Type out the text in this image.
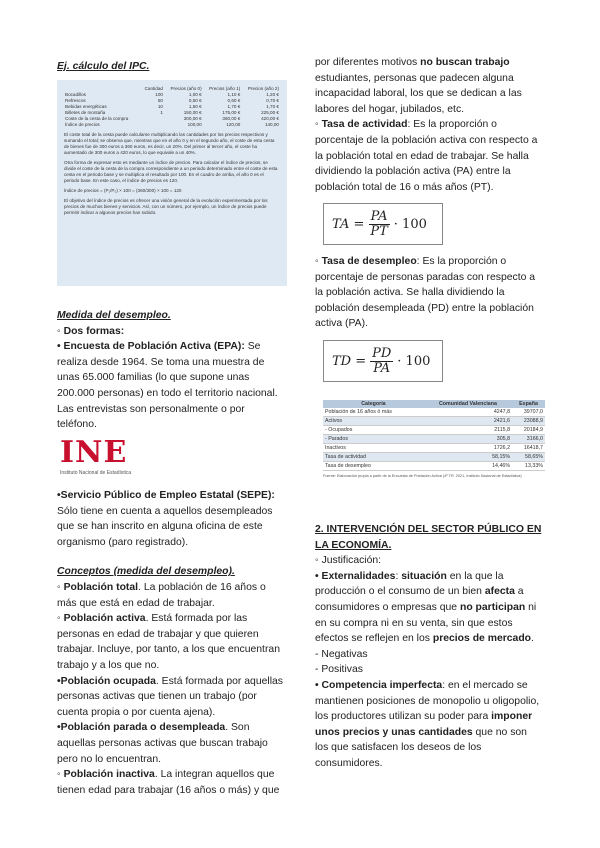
Ej. cálculo del IPC.

	Cantidad	Precios (año 0)	Precios (año 1)	Precios (año 2)
Bocadillos	100	1,00 €	1,10 €	1,20 €
Refrescos	50	0,50 €	0,60 €	0,70 €
Bebidas energéticas	10	1,50 €	1,70 €	1,70 €
Billetes de montaña	1	150,00 €	175,00 €	225,00 €
Coste de la cesta de la compra		300,00 €	360,00 €	420,00 €
Índice de precios		100,00	120,00	140,00
El coste total de la cesta puede calcularse multiplicando las cantidades por los precios respectivos y sumando el total; se observa que, mientras que en el año 0 y en el segundo año, el coste de esta cesta de bienes fue de 300 euros a 360 euros, es decir, un 20%. Del primer al tercer año, el coste ha aumentado de 300 euros a 420 euros, lo que equivale a un 40%.
Otra forma de expresar esto es mediante un índice de precios. Para calcular el índice de precios, se divide el coste de la cesta de la compra correspondiente a un periodo determinado entre el coste de esta cesta en el periodo base y se multiplica el resultado por 100. En el cuadro de arriba, el año 0 es el periodo base. En este caso, el índice de precios es 120.
Índice de precios = (P₁/P₀) × 100 = (360/300) × 100 = 120
El objetivo del índice de precios es ofrecer una visión general de la evolución experimentada por los precios de muchos bienes y servicios. Así, con un número, por ejemplo, un índice de precios puede permitir indicar a algunos precios han subido.

Medida del desempleo.

◦ Dos formas:

• Encuesta de Población Activa (EPA): Se realiza desde 1964. Se toma una muestra de unas 65.000 familias (lo que supone unas 200.000 personas) en todo el territorio nacional. Las entrevistas son personalmente o por teléfono.

INE
Instituto Nacional de Estadística

•Servicio Público de Empleo Estatal (SEPE): Sólo tiene en cuenta a aquellos desempleados que se han inscrito en alguna oficina de este organismo (paro registrado).

Conceptos (medida del desempleo).

◦ Población total. La población de 16 años o más que está en edad de trabajar.

◦ Población activa. Está formada por las personas en edad de trabajar y que quieren trabajar. Incluye, por tanto, a los que encuentran trabajo y a los que no.

•Población ocupada. Está formada por aquellas personas activas que tienen un trabajo (por cuenta propia o por cuenta ajena).

•Población parada o desempleada. Son aquellas personas activas que buscan trabajo pero no lo encuentran.

◦ Población inactiva. La integran aquellos que tienen edad para trabajar (16 años o más) y que

por diferentes motivos no buscan trabajo estudiantes, personas que padecen alguna incapacidad laboral, los que se dedican a las labores del hogar, jubilados, etc.

◦ Tasa de actividad: Es la proporción o porcentaje de la población activa con respecto a la población total en edad de trabajar. Se halla dividiendo la población activa (PA) entre la población total de 16 o más años (PT).

TA = $\frac{PA}{PT} \cdot 100$

◦ Tasa de desempleo: Es la proporción o porcentaje de personas paradas con respecto a la población activa. Se halla dividiendo la población desempleada (PD) entre la población activa (PA).

TD = $\frac{PD}{PA} \cdot 100$
Categoría	Comunidad Valenciana	España
Población de 16 años ó más	4247,8	39707,0
Activos	2421,6	23088,9
- Ocupados	2115,8	20184,9
- Parados	305,8	3166,0
Inactivos	1726,2	16418,7
Tasa de actividad	58,15%	58,65%
Tasa de desempleo	14,46%	13,33%
Fuente: Elaboración propia a partir de la Encuesta de Población Activa (4º TR. 2021, Instituto Nacional de Estadística)

2. INTERVENCIÓN DEL SECTOR PÚBLICO EN LA ECONOMÍA.

◦ Justificación:

• Externalidades: situación en la que la producción o el consumo de un bien afecta a consumidores o empresas que no participan ni en su compra ni en su venta, sin que estos efectos se reflejen en los precios de mercado.

- Negativas

- Positivas

• Competencia imperfecta: en el mercado se mantienen posiciones de monopolio u oligopolio, los productores utilizan su poder para imponer unos precios y unas cantidades que no son los que satisfacen los deseos de los consumidores.
